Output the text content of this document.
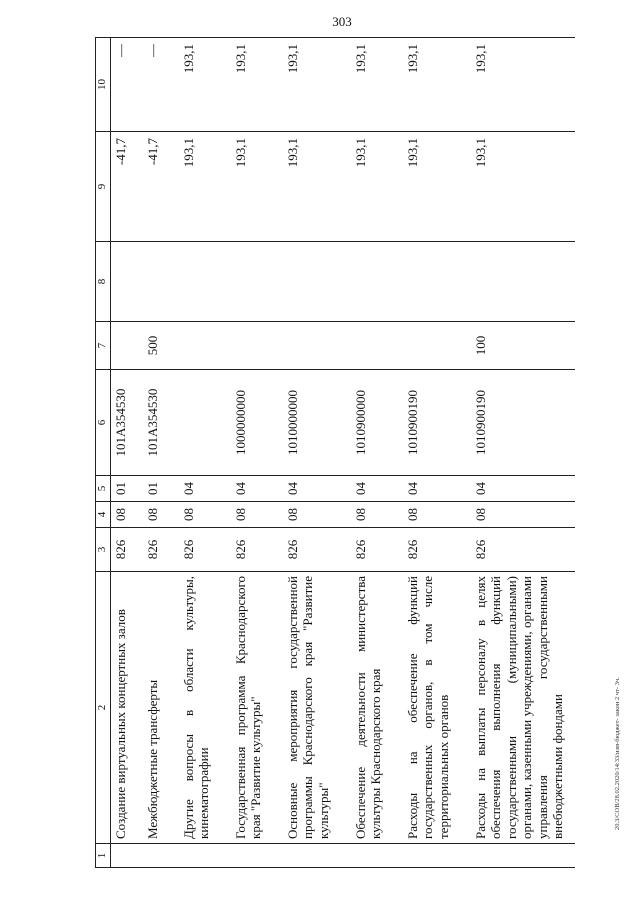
303
20.3/СОВ/28.02.2020/14:33/изм-бюджет- закон 2 чт- 3ч.
1	2	3	4	5	6	7	8	9	10
	Создание виртуальных концертных залов	826	08	01	101A354530			-41,7	—
	Межбюджетные трансферты	826	08	01	101A354530	500		-41,7	—
	Другие вопросы в области культуры, кинематографии	826	08	04				193,1	193,1
	Государственная программа Краснодарского края "Развитие культуры"	826	08	04	1000000000			193,1	193,1
	Основные мероприятия государственной программы Краснодарского края "Развитие культуры"	826	08	04	1010000000			193,1	193,1
	Обеспечение деятельности министерства культуры Краснодарского края	826	08	04	1010900000			193,1	193,1
	Расходы на обеспечение функций государственных органов, в том числе территориальных органов	826	08	04	1010900190			193,1	193,1
	Расходы на выплаты персоналу в целях обеспечения выполнения функций государственными (муниципальными) органами, казенными учреждениями, органами управления государственными внебюджетными фондами	826	08	04	1010900190	100		193,1	193,1
